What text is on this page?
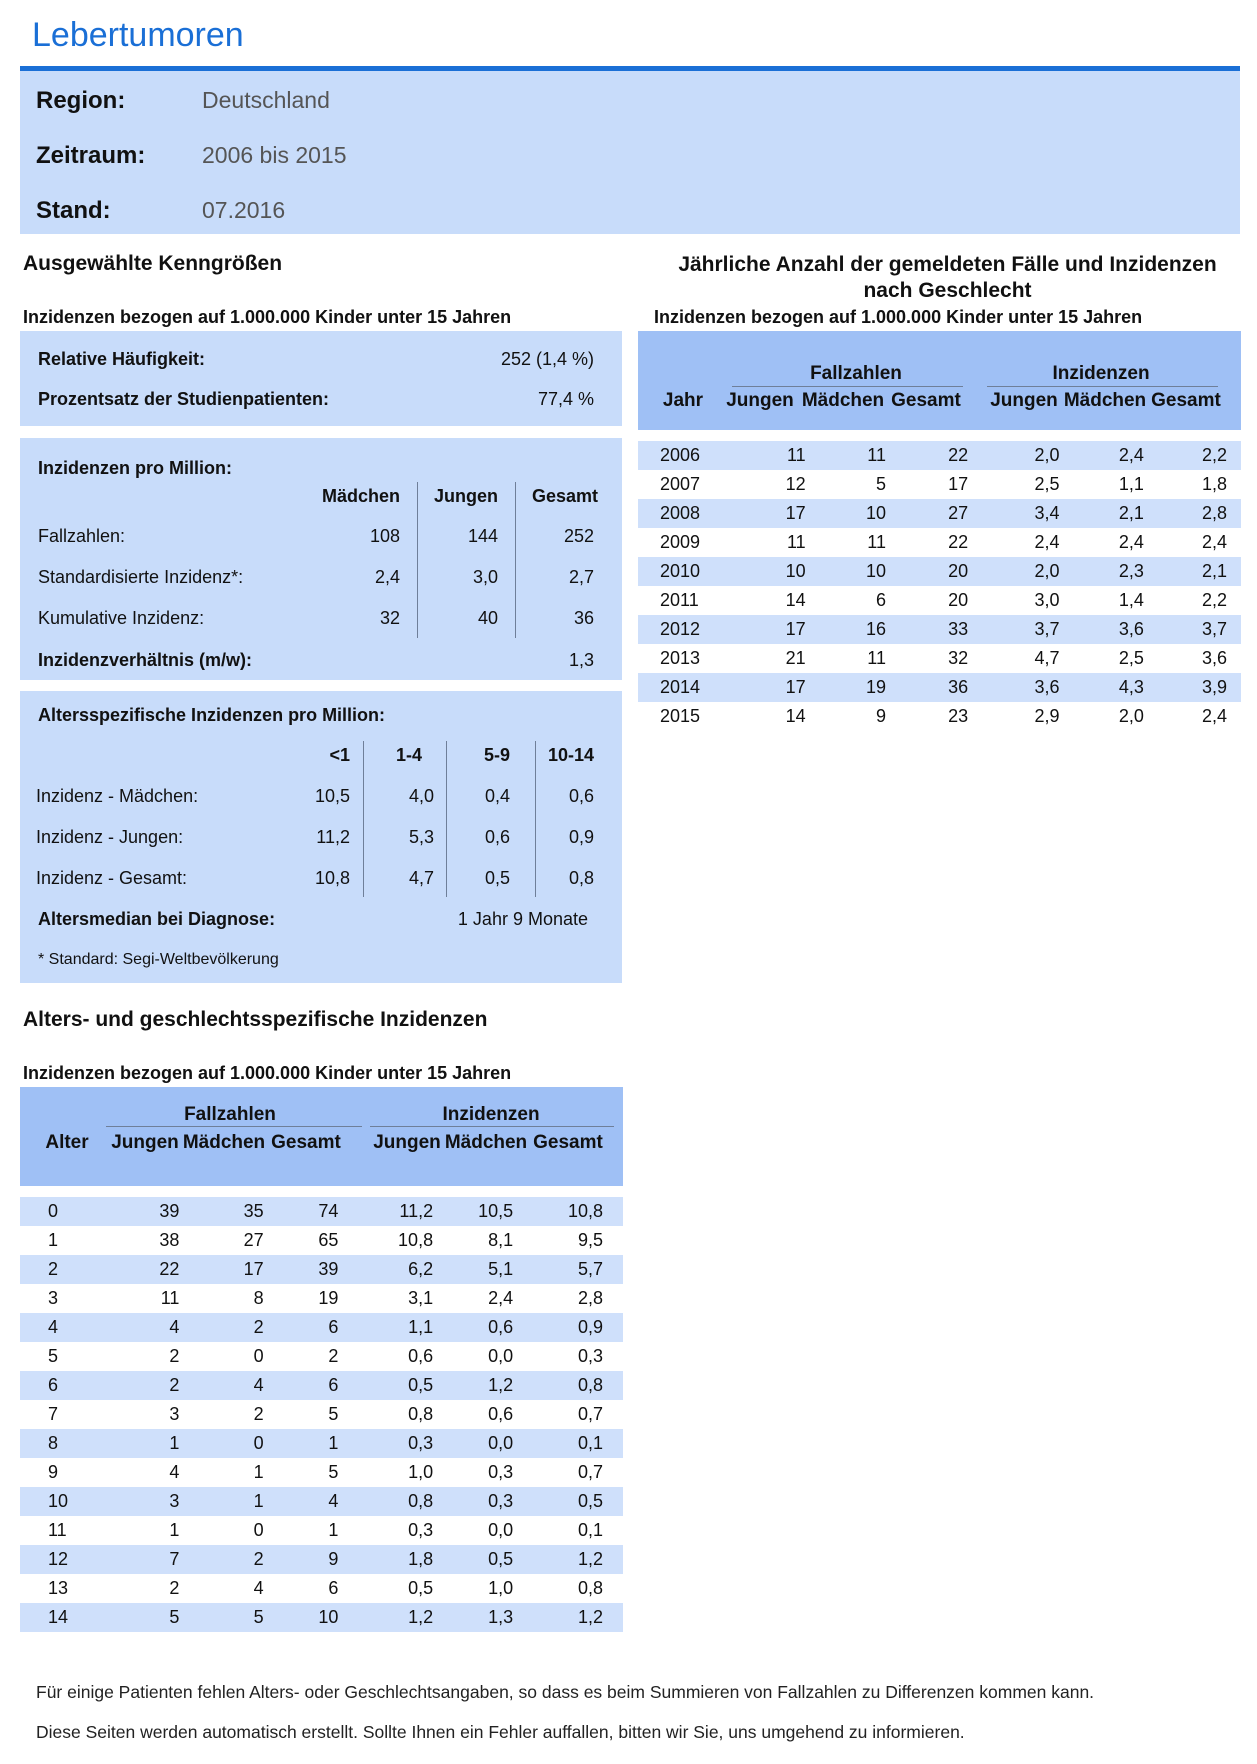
Lebertumoren
Region:	Deutschland
Zeitraum: 2006 bis 2015
Stand:	07.2016
Ausgewählte Kenngrößen
Inzidenzen bezogen auf 1.000.000 Kinder unter 15 Jahren
Relative Häufigkeit:	252 (1,4 %)
Prozentsatz der Studienpatienten:	77,4 %
Inzidenzen pro Million:
Mädchen Jungen Gesamt
Fallzahlen:	108	144	252
Standardisierte Inzidenz*:	2,4	3,0	2,7
Kumulative Inzidenz:	32	40	36
Inzidenzverhältnis (m/w):	1,3
Altersspezifische Inzidenzen pro Million:
<1	1-4	5-9 10-14
Inzidenz - Mädchen:	10,5	4,0	0,4	0,6
Inzidenz - Jungen:	11,2	5,3	0,6	0,9
Inzidenz - Gesamt:	10,8	4,7	0,5	0,8
Altersmedian bei Diagnose:	1 Jahr 9 Monate
* Standard: Segi-Weltbevölkerung
Jährliche Anzahl der gemeldeten Fälle und Inzidenzen
nach Geschlecht
Inzidenzen bezogen auf 1.000.000 Kinder unter 15 Jahren
Fallzahlen	Inzidenzen
Jahr Jungen Mädchen Gesamt Jungen Mädchen Gesamt
2006	11	11	22	2,0	2,4	2,2
2007	12	5	17	2,5	1,1	1,8
2008	17	10	27	3,4	2,1	2,8
2009	11	11	22	2,4	2,4	2,4
2010	10	10	20	2,0	2,3	2,1
2011	14	6	20	3,0	1,4	2,2
2012	17	16	33	3,7	3,6	3,7
2013	21	11	32	4,7	2,5	3,6
2014	17	19	36	3,6	4,3	3,9
2015	14	9	23	2,9	2,0	2,4
Alters- und geschlechtsspezifische Inzidenzen
Inzidenzen bezogen auf 1.000.000 Kinder unter 15 Jahren
Fallzahlen	Inzidenzen
Alter	Jungen Mädchen Gesamt Jungen Mädchen Gesamt
0	39	35	74	11,2	10,5	10,8
1	38	27	65	10,8	8,1	9,5
2	22	17	39	6,2	5,1	5,7
3	11	8	19	3,1	2,4	2,8
4	4	2	6	1,1	0,6	0,9
5	2	0	2	0,6	0,0	0,3
6	2	4	6	0,5	1,2	0,8
7	3	2	5	0,8	0,6	0,7
8	1	0	1	0,3	0,0	0,1
9	4	1	5	1,0	0,3	0,7
10	3	1	4	0,8	0,3	0,5
11	1	0	1	0,3	0,0	0,1
12	7	2	9	1,8	0,5	1,2
13	2	4	6	0,5	1,0	0,8
14	5	5	10	1,2	1,3	1,2
Für einige Patienten fehlen Alters- oder Geschlechtsangaben, so dass es beim Summieren von Fallzahlen zu Differenzen kommen kann.
Diese Seiten werden automatisch erstellt. Sollte Ihnen ein Fehler auffallen, bitten wir Sie, uns umgehend zu informieren.
